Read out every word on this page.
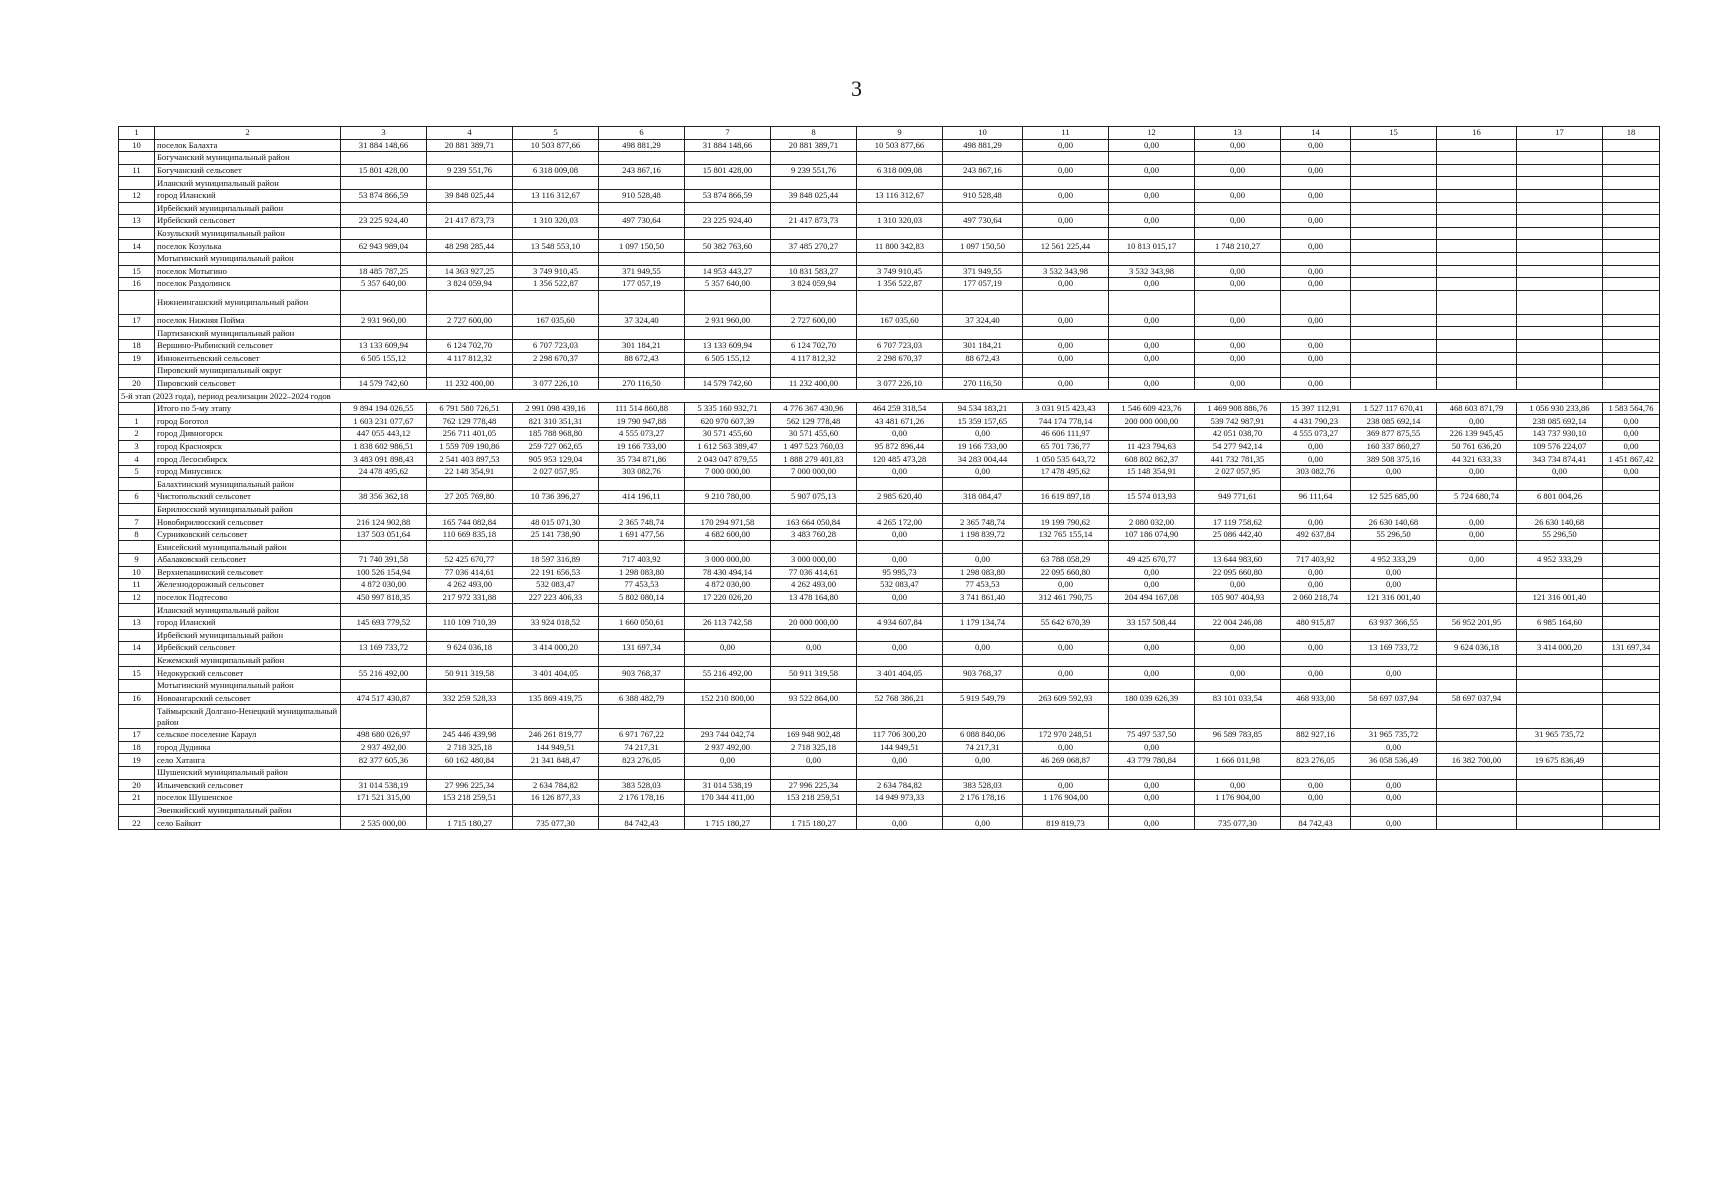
3
1	2	3	4	5	6	7	8	9	10	11	12	13	14	15	16	17	18
10	поселок Балахта	31 884 148,66	20 881 389,71	10 503 877,66	498 881,29	31 884 148,66	20 881 389,71	10 503 877,66	498 881,29	0,00	0,00	0,00	0,00				
	Богучанский муниципальный район																
11	Богучанский сельсовет	15 801 428,00	9 239 551,76	6 318 009,08	243 867,16	15 801 428,00	9 239 551,76	6 318 009,08	243 867,16	0,00	0,00	0,00	0,00				
	Иланский муниципальный район																
12	город Иланский	53 874 866,59	39 848 025,44	13 116 312,67	910 528,48	53 874 866,59	39 848 025,44	13 116 312,67	910 528,48	0,00	0,00	0,00	0,00				
	Ирбейский муниципальный район																
13	Ирбейский сельсовет	23 225 924,40	21 417 873,73	1 310 320,03	497 730,64	23 225 924,40	21 417 873,73	1 310 320,03	497 730,64	0,00	0,00	0,00	0,00				
	Козульский муниципальный район																
14	поселок Козулька	62 943 989,04	48 298 285,44	13 548 553,10	1 097 150,50	50 382 763,60	37 485 270,27	11 800 342,83	1 097 150,50	12 561 225,44	10 813 015,17	1 748 210,27	0,00				
	Мотыгинский муниципальный район																
15	поселок Мотыгино	18 485 787,25	14 363 927,25	3 749 910,45	371 949,55	14 953 443,27	10 831 583,27	3 749 910,45	371 949,55	3 532 343,98	3 532 343,98	0,00	0,00				
16	поселок Раздолинск	5 357 640,00	3 824 059,94	1 356 522,87	177 057,19	5 357 640,00	3 824 059,94	1 356 522,87	177 057,19	0,00	0,00	0,00	0,00				
	Нижнеингашский муниципальный район																
17	поселок Нижняя Пойма	2 931 960,00	2 727 600,00	167 035,60	37 324,40	2 931 960,00	2 727 600,00	167 035,60	37 324,40	0,00	0,00	0,00	0,00				
	Партизанский муниципальный район																
18	Вершино-Рыбинский сельсовет	13 133 609,94	6 124 702,70	6 707 723,03	301 184,21	13 133 609,94	6 124 702,70	6 707 723,03	301 184,21	0,00	0,00	0,00	0,00				
19	Иннокентьевский сельсовет	6 505 155,12	4 117 812,32	2 298 670,37	88 672,43	6 505 155,12	4 117 812,32	2 298 670,37	88 672,43	0,00	0,00	0,00	0,00				
	Пировский муниципальный округ																
20	Пировский сельсовет	14 579 742,60	11 232 400,00	3 077 226,10	270 116,50	14 579 742,60	11 232 400,00	3 077 226,10	270 116,50	0,00	0,00	0,00	0,00				
5-й этап (2023 года), период реализации 2022–2024 годов																	
	Итого по 5-му этапу	9 894 194 026,55	6 791 580 726,51	2 991 098 439,16	111 514 860,88	5 335 160 932,71	4 776 367 430,96	464 259 318,54	94 534 183,21	3 031 915 423,43	1 546 609 423,76	1 469 908 886,76	15 397 112,91	1 527 117 670,41	468 603 871,79	1 056 930 233,86	1 583 564,76
1	город Боготол	1 603 231 077,67	762 129 778,48	821 310 351,31	19 790 947,88	620 970 607,39	562 129 778,48	43 481 671,26	15 359 157,65	744 174 778,14	200 000 000,00	539 742 987,91	4 431 790,23	238 085 692,14	0,00	238 085 692,14	0,00
2	город Дивногорск	447 055 443,12	256 711 401,05	185 788 968,80	4 555 073,27	30 571 455,60	30 571 455,60	0,00	0,00	46 606 111,97		42 051 038,70	4 555 073,27	369 877 875,55	226 139 945,45	143 737 930,10	0,00
3	город Красноярск	1 838 602 986,51	1 559 709 190,86	259 727 062,65	19 166 733,00	1 612 563 389,47	1 497 523 760,03	95 872 896,44	19 166 733,00	65 701 736,77	11 423 794,63	54 277 942,14	0,00	160 337 860,27	50 761 636,20	109 576 224,07	0,00
4	город Лесосибирск	3 483 091 898,43	2 541 403 897,53	905 953 129,04	35 734 871,86	2 043 047 879,55	1 888 279 401,83	120 485 473,28	34 283 004,44	1 050 535 643,72	608 802 862,37	441 732 781,35	0,00	389 508 375,16	44 321 633,33	343 734 874,41	1 451 867,42
5	город Минусинск	24 478 495,62	22 148 354,91	2 027 057,95	303 082,76	7 000 000,00	7 000 000,00	0,00	0,00	17 478 495,62	15 148 354,91	2 027 057,95	303 082,76	0,00	0,00	0,00	0,00
	Балахтинский муниципальный район																
6	Чистопольский сельсовет	38 356 362,18	27 205 769,80	10 736 396,27	414 196,11	9 210 780,00	5 907 075,13	2 985 620,40	318 084,47	16 619 897,18	15 574 013,93	949 771,61	96 111,64	12 525 685,00	5 724 680,74	6 801 004,26	
	Бирилюсский муниципальный район																
7	Новобирилюсский сельсовет	216 124 902,88	165 744 082,84	48 015 071,30	2 365 748,74	170 294 971,58	163 664 050,84	4 265 172,00	2 365 748,74	19 199 790,62	2 080 032,00	17 119 758,62	0,00	26 630 140,68	0,00	26 630 140,68	
8	Сурниковский сельсовет	137 503 051,64	110 669 835,18	25 141 738,90	1 691 477,56	4 682 600,00	3 483 760,28	0,00	1 198 839,72	132 765 155,14	107 186 074,90	25 086 442,40	492 637,84	55 296,50	0,00	55 296,50	
	Енисейский муниципальный район																
9	Абалаковский сельсовет	71 740 391,58	52 425 670,77	18 597 316,89	717 403,92	3 000 000,00	3 000 000,00	0,00	0,00	63 788 058,29	49 425 670,77	13 644 983,60	717 403,92	4 952 333,29	0,00	4 952 333,29	
10	Верхнепашинский сельсовет	100 526 154,94	77 036 414,61	22 191 656,53	1 298 083,80	78 430 494,14	77 036 414,61	95 995,73	1 298 083,80	22 095 660,80	0,00	22 095 660,80	0,00	0,00			
11	Железнодорожный сельсовет	4 872 030,00	4 262 493,00	532 083,47	77 453,53	4 872 030,00	4 262 493,00	532 083,47	77 453,53	0,00	0,00	0,00	0,00	0,00			
12	поселок Подтесово	450 997 818,35	217 972 331,88	227 223 406,33	5 802 080,14	17 220 026,20	13 478 164,80	0,00	3 741 861,40	312 461 790,75	204 494 167,08	105 907 404,93	2 060 218,74	121 316 001,40		121 316 001,40	
	Иланский муниципальный район																
13	город Иланский	145 693 779,52	110 109 710,39	33 924 018,52	1 660 050,61	26 113 742,58	20 000 000,00	4 934 607,84	1 179 134,74	55 642 670,39	33 157 508,44	22 004 246,08	480 915,87	63 937 366,55	56 952 201,95	6 985 164,60	
	Ирбейский муниципальный район																
14	Ирбейский сельсовет	13 169 733,72	9 624 036,18	3 414 000,20	131 697,34	0,00	0,00	0,00	0,00	0,00	0,00	0,00	0,00	13 169 733,72	9 624 036,18	3 414 000,20	131 697,34
	Кежемский муниципальный район																
15	Недокурский сельсовет	55 216 492,00	50 911 319,58	3 401 404,05	903 768,37	55 216 492,00	50 911 319,58	3 401 404,05	903 768,37	0,00	0,00	0,00	0,00	0,00			
	Мотыгинский муниципальный район																
16	Новоангарский сельсовет	474 517 430,87	332 259 528,33	135 869 419,75	6 388 482,79	152 210 800,00	93 522 864,00	52 768 386,21	5 919 549,79	263 609 592,93	180 039 626,39	83 101 033,54	468 933,00	58 697 037,94	58 697 037,94		
	Таймырский Долгано-Ненецкий муниципальный район																
17	сельское поселение Караул	498 680 026,97	245 446 439,98	246 261 819,77	6 971 767,22	293 744 042,74	169 948 902,48	117 706 300,20	6 088 840,06	172 970 248,51	75 497 537,50	96 589 783,85	882 927,16	31 965 735,72		31 965 735,72	
18	город Дудинка	2 937 492,00	2 718 325,18	144 949,51	74 217,31	2 937 492,00	2 718 325,18	144 949,51	74 217,31	0,00	0,00			0,00			
19	село Хатанга	82 377 605,36	60 162 480,84	21 341 848,47	823 276,05	0,00	0,00	0,00	0,00	46 269 068,87	43 779 780,84	1 666 011,98	823 276,05	36 058 536,49	16 382 700,00	19 675 836,49	
	Шушенский муниципальный район																
20	Ильичевский сельсовет	31 014 538,19	27 996 225,34	2 634 784,82	383 528,03	31 014 538,19	27 996 225,34	2 634 784,82	383 528,03	0,00	0,00	0,00	0,00	0,00			
21	поселок Шушенское	171 521 315,00	153 218 259,51	16 126 877,33	2 176 178,16	170 344 411,00	153 218 259,51	14 949 973,33	2 176 178,16	1 176 904,00	0,00	1 176 904,00	0,00	0,00			
	Эвенкийский муниципальный район																
22	село Байкит	2 535 000,00	1 715 180,27	735 077,30	84 742,43	1 715 180,27	1 715 180,27	0,00	0,00	819 819,73	0,00	735 077,30	84 742,43	0,00			
